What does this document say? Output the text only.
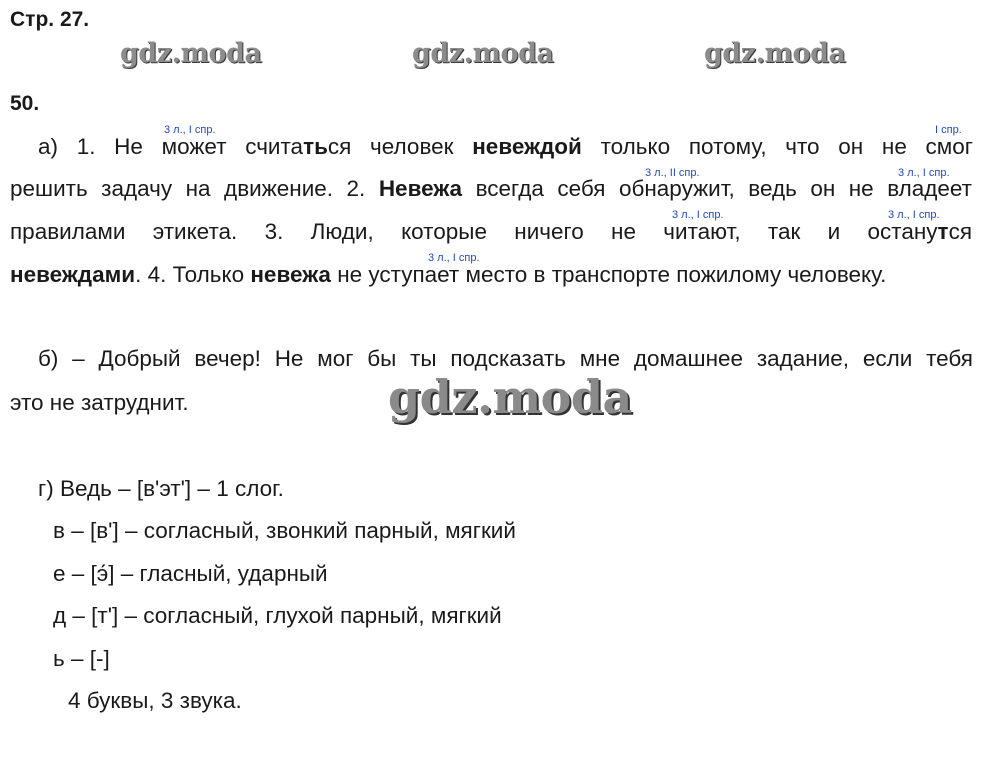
Стр. 27.
gdz.moda	gdz.moda	gdz.moda
50.
3 л., I спр.	I спр.
3 л., II спр.	3 л., I спр.
3 л., I спр.	3 л., I спр.
3 л., I спр.
а) 1. Не может считаться человек невеждой только потому, что он не смог
решить задачу на движение. 2. Невежа всегда себя обнаружит, ведь он не владеет
правилами этикета. 3. Люди, которые ничего не читают, так и останутся
невеждами. 4. Только невежа не уступает место в транспорте пожилому человеку.
б) – Добрый вечер! Не мог бы ты подсказать мне домашнее задание, если тебя
это не затруднит.	gdz.moda
г) Ведь – [в'эт'] – 1 слог.
в – [в'] – согласный, звонкий парный, мягкий
е – [э́] – гласный, ударный
д – [т'] – согласный, глухой парный, мягкий
ь – [-]
4 буквы, 3 звука.
